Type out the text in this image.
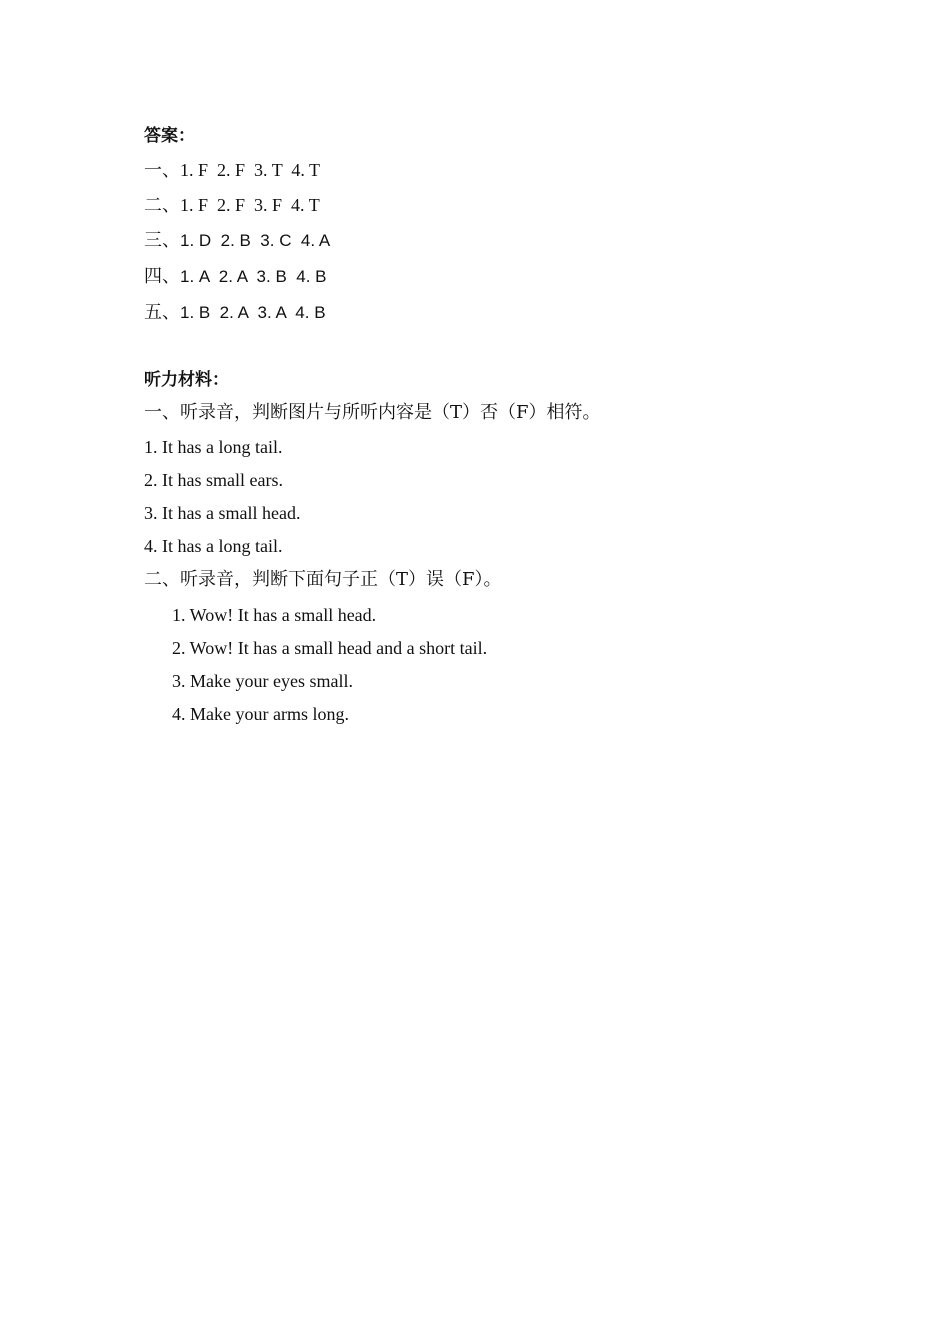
答案：
一、1. F  2. F  3. T  4. T
二、1. F  2. F  3. F  4. T
三、1. D  2. B  3. C  4. A
四、1. A  2. A  3. B  4. B
五、1. B  2. A  3. A  4. B
听力材料：
一、听录音，判断图片与所听内容是（T）否（F）相符。
1. It has a long tail.
2. It has small ears.
3. It has a small head.
4. It has a long tail.
二、听录音，判断下面句子正（T）误（F）。
1. Wow! It has a small head.
2. Wow! It has a small head and a short tail.
3. Make your eyes small.
4. Make your arms long.
